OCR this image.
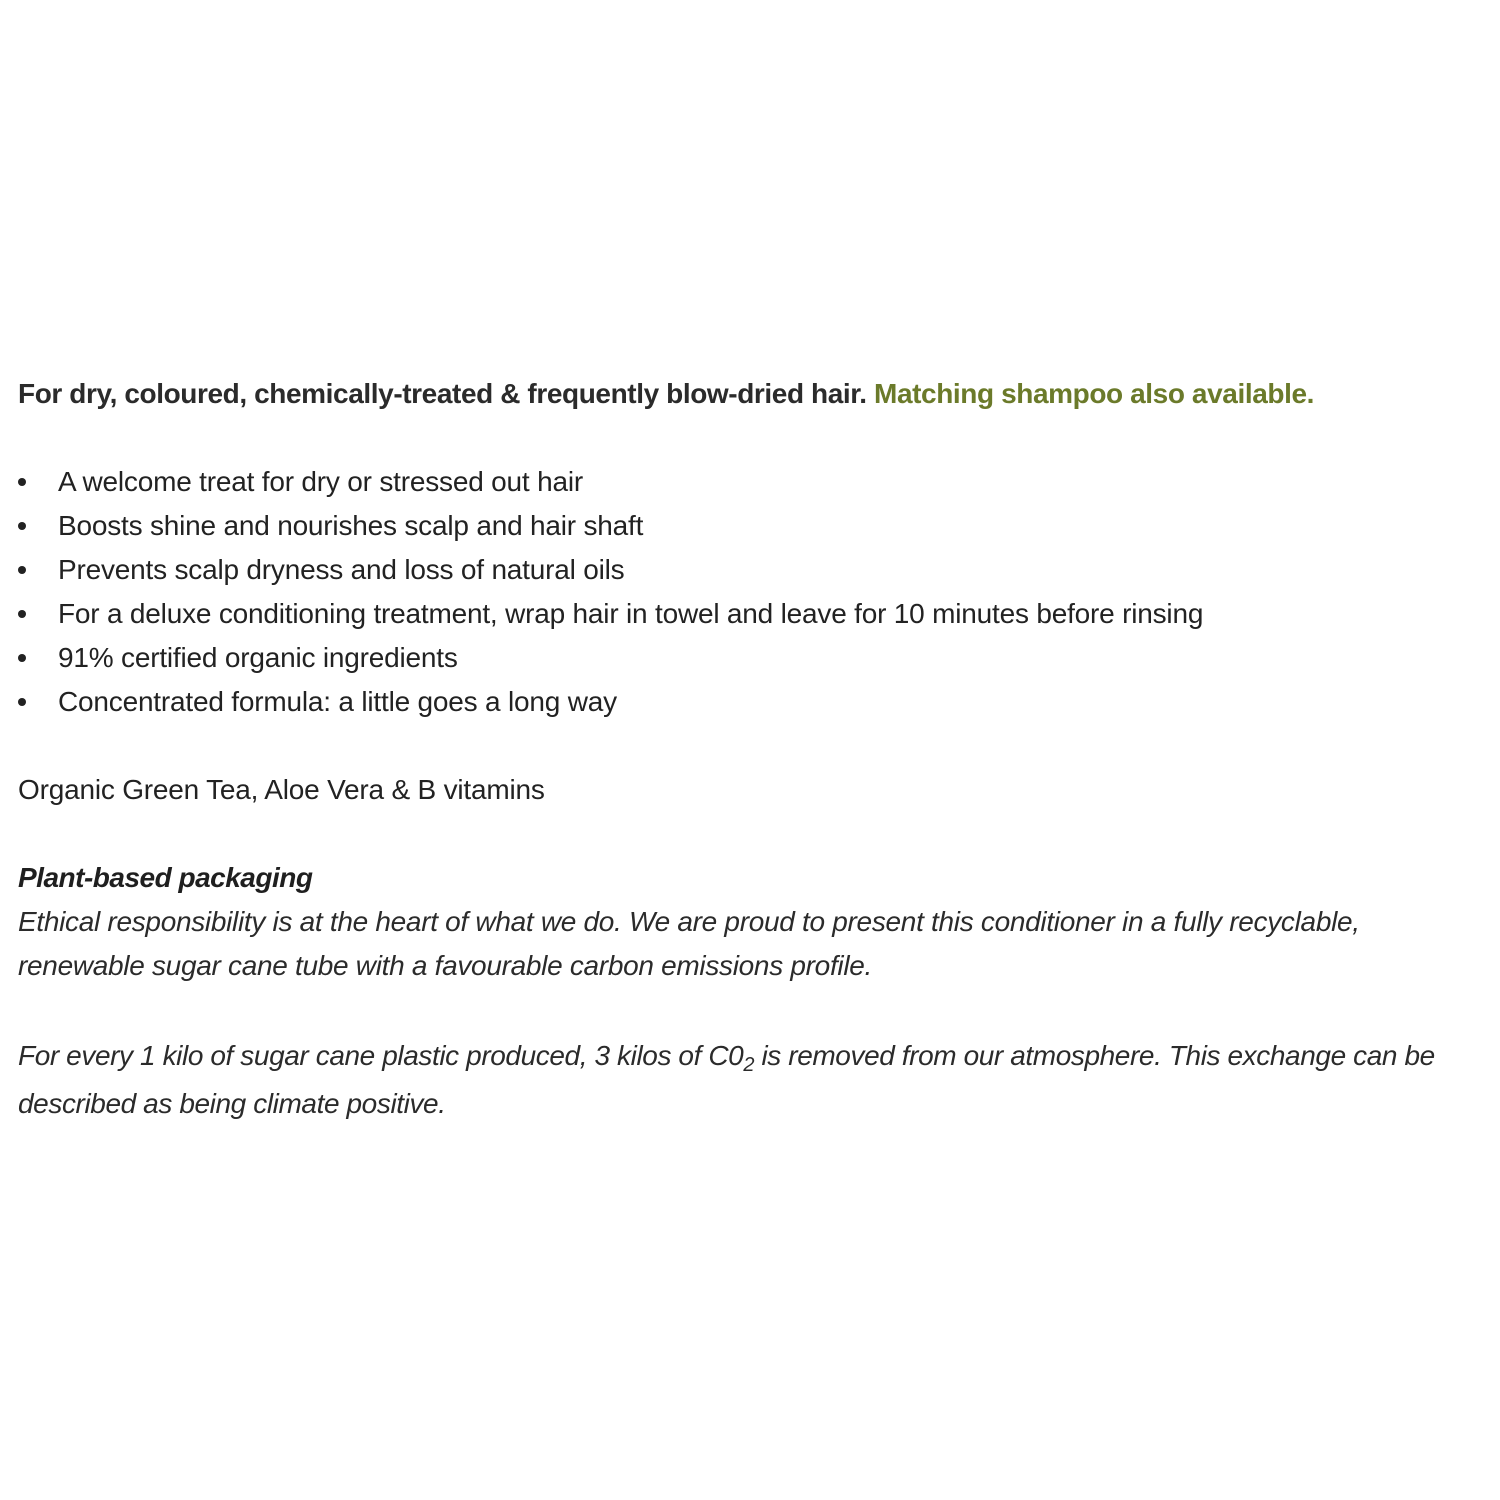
For dry, coloured, chemically-treated & frequently blow-dried hair. Matching shampoo also available.

A welcome treat for dry or stressed out hair
Boosts shine and nourishes scalp and hair shaft
Prevents scalp dryness and loss of natural oils
For a deluxe conditioning treatment, wrap hair in towel and leave for 10 minutes before rinsing
91% certified organic ingredients
Concentrated formula: a little goes a long way

Organic Green Tea, Aloe Vera & B vitamins

Plant-based packaging

Ethical responsibility is at the heart of what we do. We are proud to present this conditioner in a fully recyclable,
renewable sugar cane tube with a favourable carbon emissions profile.

For every 1 kilo of sugar cane plastic produced, 3 kilos of $C0_2$ is removed from our atmosphere. This exchange can be
described as being climate positive.
